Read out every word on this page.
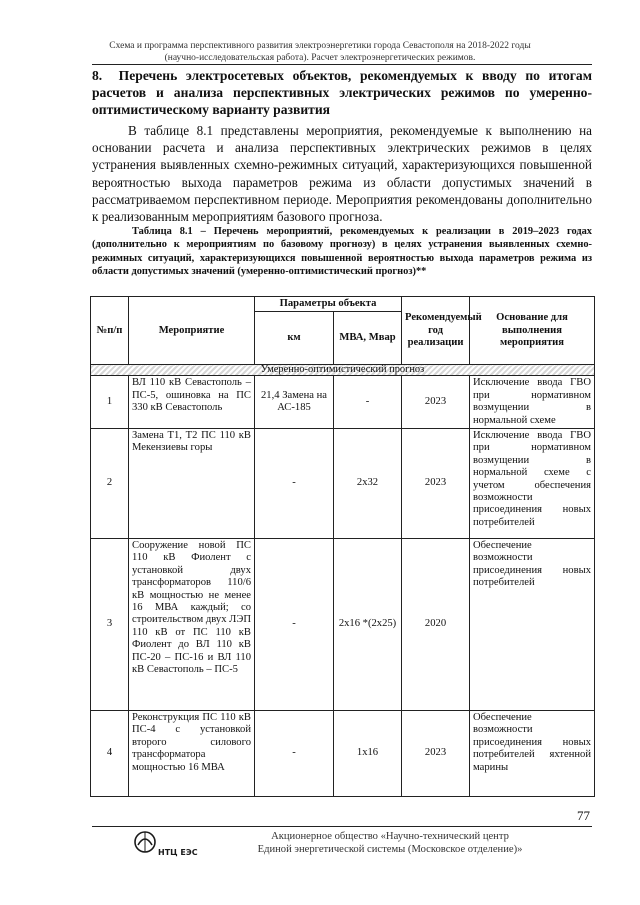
Схема и программа перспективного развития электроэнергетики города Севастополя на 2018-2022 годы
(научно-исследовательская работа). Расчет электроэнергетических режимов.
8. Перечень электросетевых объектов, рекомендуемых к вводу по итогам расчетов и анализа перспективных электрических режимов по умеренно-оптимистическому варианту развития
В таблице 8.1 представлены мероприятия, рекомендуемые к выполнению на основании расчета и анализа перспективных электрических режимов в целях устранения выявленных схемно-режимных ситуаций, характеризующихся повышенной вероятностью выхода параметров режима из области допустимых значений в рассматриваемом перспективном периоде. Мероприятия рекомендованы дополнительно к реализованным мероприятиям базового прогноза.
Таблица 8.1 – Перечень мероприятий, рекомендуемых к реализации в 2019–2023 годах (дополнительно к мероприятиям по базовому прогнозу) в целях устранения выявленных схемно-режимных ситуаций, характеризующихся повышенной вероятностью выхода параметров режима из области допустимых значений (умеренно-оптимистический прогноз)**
№п/п	Мероприятие	Параметры объекта		Рекомендуемый год реализации	Основание для выполнения мероприятия
		км	МВА, Мвар		
Умеренно-оптимистический прогноз					
1	ВЛ 110 кВ Севастополь – ПС-5, ошиновка на ПС 330 кВ Севастополь	21,4 Замена на АС-185	-	2023	Исключение ввода ГВО при нормативном возмущении в нормальной схеме
2	Замена Т1, Т2 ПС 110 кВ Мекензиевы горы	-	2x32	2023	Исключение ввода ГВО при нормативном возмущении в нормальной схеме с учетом обеспечения возможности присоединения новых потребителей
3	Сооружение новой ПС 110 кВ Фиолент с установкой двух трансформаторов 110/6 кВ мощностью не менее 16 МВА каждый; со строительством двух ЛЭП 110 кВ от ПС 110 кВ Фиолент до ВЛ 110 кВ ПС-20 – ПС-16 и ВЛ 110 кВ Севастополь – ПС-5	-	2x16 *(2x25)	2020	Обеспечение возможности присоединения новых потребителей
4	Реконструкция ПС 110 кВ ПС-4 с установкой второго силового трансформатора мощностью 16 МВА	-	1x16	2023	Обеспечение возможности присоединения новых потребителей яхтенной марины
77
НТЦ ЕЭС
Акционерное общество «Научно-технический центр
Единой энергетической системы (Московское отделение)»
